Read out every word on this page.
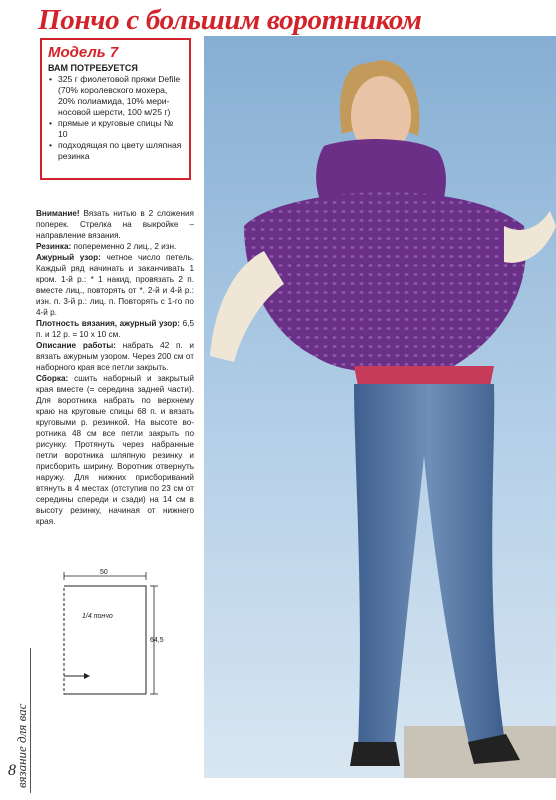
Пончо с большим воротником
Модель 7
ВАМ ПОТРЕБУЕТСЯ
• 325 г фиолетовой пряжи Defile (70% королевского мохера, 20% полиамида, 10% мериносовой шерсти, 100 м/25 г)
• прямые и круговые спицы № 10
• подходящая по цвету шляпная резинка

Внимание! Вязать нитью в 2 сложения поперек. Стрелка на выкройке – направление вязания.

Резинка: попеременно 2 лиц., 2 изн.

Ажурный узор: четное число петель. Каждый ряд начинать и заканчивать 1 кром. 1-й р.: * 1 накид, провязать 2 п. вместе лиц., повторять от *. 2-й и 4-й р.: изн. п. 3-й р.: лиц. п. Повторять с 1-го по 4-й р.

Плотность вязания, ажурный узор: 6,5 п. и 12 р. = 10 x 10 см.

Описание работы: набрать 42 п. и вязать ажурным узором. Через 200 см от наборного края все петли закрыть.

Сборка: сшить наборный и закрытый края вместе (= середина задней части). Для воротника набрать по верхнему краю на круговые спицы 68 п. и вязать круговыми р. резинкой. На высоте воротника 48 см все петли закрыть по рисунку. Протянуть через набранные петли воротника шляпную резинку и присборить ширину. Воротник отвернуть наружу. Для нижних присбориваний втянуть в 4 местах (отступив по 23 см от середины спереди и сзади) на 14 см в высоту резинку, начиная от нижнего края.

50
1/4 пончо
64,5
вязание для вас
8
